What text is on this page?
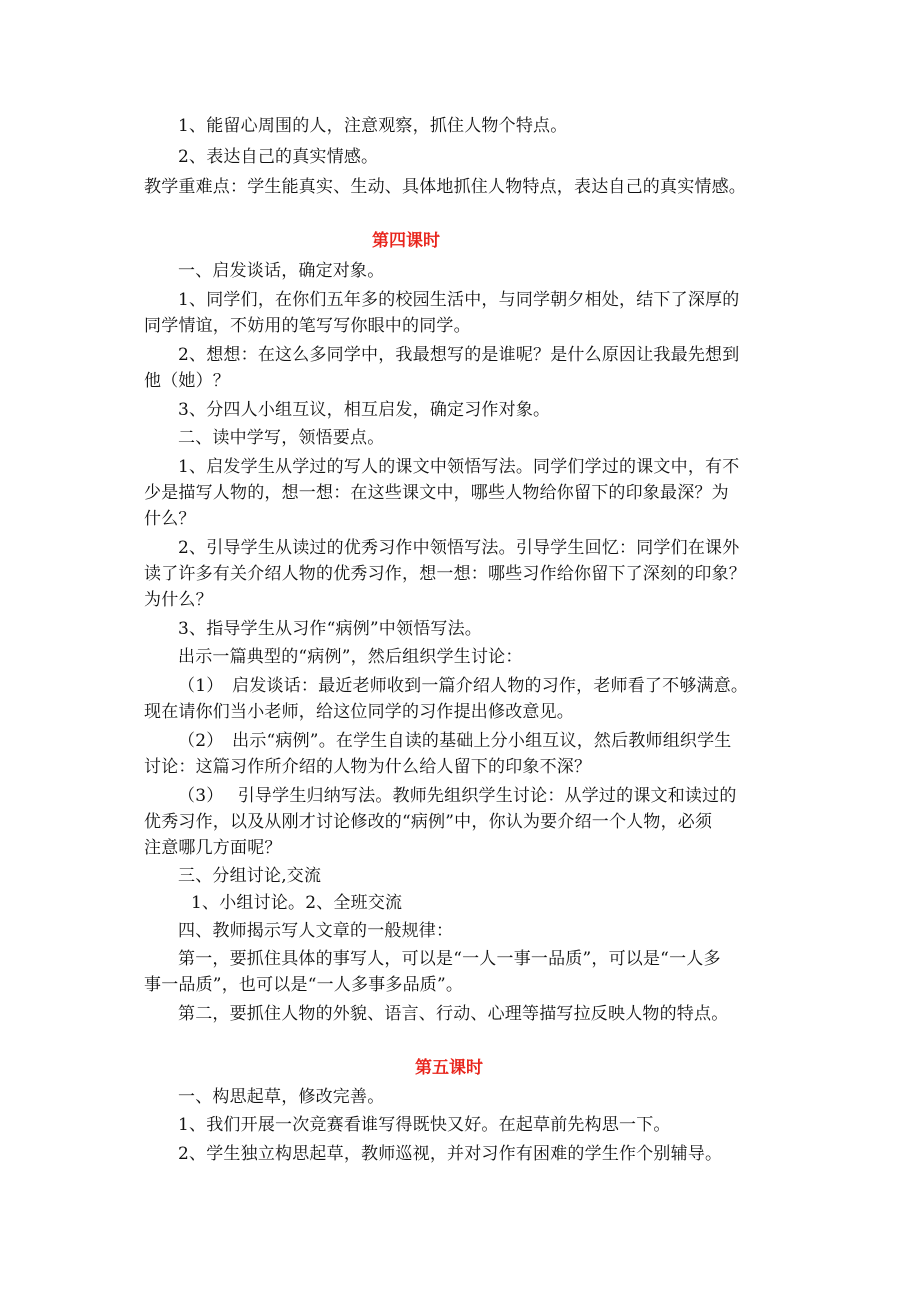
1、能留心周围的人，注意观察，抓住人物个特点。
2、表达自己的真实情感。
教学重难点：学生能真实、生动、具体地抓住人物特点，表达自己的真实情感。
第四课时
一、启发谈话，确定对象。
1、同学们，在你们五年多的校园生活中，与同学朝夕相处，结下了深厚的
同学情谊，不妨用的笔写写你眼中的同学。
2、想想：在这么多同学中，我最想写的是谁呢？是什么原因让我最先想到
他（她）？
3、分四人小组互议，相互启发，确定习作对象。
二、读中学写，领悟要点。
1、启发学生从学过的写人的课文中领悟写法。同学们学过的课文中，有不
少是描写人物的，想一想：在这些课文中，哪些人物给你留下的印象最深？为
什么？
2、引导学生从读过的优秀习作中领悟写法。引导学生回忆：同学们在课外
读了许多有关介绍人物的优秀习作，想一想：哪些习作给你留下了深刻的印象？
为什么？
3、指导学生从习作“病例”中领悟写法。
出示一篇典型的“病例”，然后组织学生讨论：
（1）　启发谈话：最近老师收到一篇介绍人物的习作，老师看了不够满意。
现在请你们当小老师，给这位同学的习作提出修改意见。
（2）　出示“病例”。在学生自读的基础上分小组互议，然后教师组织学生
讨论：这篇习作所介绍的人物为什么给人留下的印象不深？
（3）　 引导学生归纳写法。教师先组织学生讨论：从学过的课文和读过的
优秀习作，以及从刚才讨论修改的“病例”中，你认为要介绍一个人物，必须
注意哪几方面呢？
三、分组讨论,交流
1、小组讨论。2、全班交流
四、教师揭示写人文章的一般规律：
第一，要抓住具体的事写人，可以是“一人一事一品质”，可以是“一人多
事一品质”，也可以是“一人多事多品质”。
第二，要抓住人物的外貌、语言、行动、心理等描写拉反映人物的特点。
第五课时
一、构思起草，修改完善。
1、我们开展一次竞赛看谁写得既快又好。在起草前先构思一下。
2、学生独立构思起草，教师巡视，并对习作有困难的学生作个别辅导。
